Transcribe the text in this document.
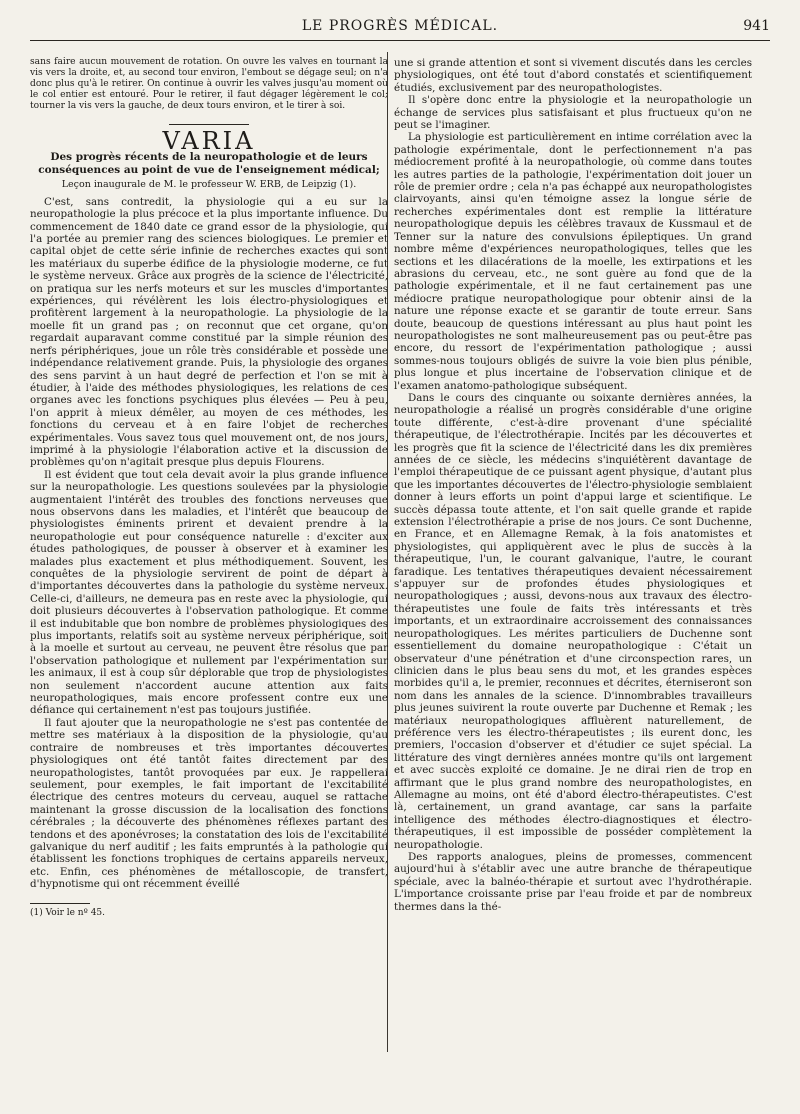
LE PROGRÈS MÉDICAL.	941

sans faire aucun mouvement de rotation. On ouvre les valves en tournant la vis vers la droite, et, au second tour environ, l'embout se dégage seul; on n'a donc plus qu'à le retirer. On continue à ouvrir les valves jusqu'au moment où le col entier est entouré. Pour le retirer, il faut dégager légèrement le col; tourner la vis vers la gauche, de deux tours environ, et le tirer à soi.

VARIA
Des progrès récents de la neuropathologie et de leurs conséquences au point de vue de l'enseignement médical;
Leçon inaugurale de M. le professeur W. ERB, de Leipzig (1).

C'est, sans contredit, la physiologie qui a eu sur la neuropathologie la plus précoce et la plus importante influence. Du commencement de 1840 date ce grand essor de la physiologie, qui l'a portée au premier rang des sciences biologiques. Le premier et capital objet de cette série infinie de recherches exactes qui sont les matériaux du superbe édifice de la physiologie moderne, ce fut le système nerveux. Grâce aux progrès de la science de l'électricité, on pratiqua sur les nerfs moteurs et sur les muscles d'importantes expériences, qui révélèrent les lois électro-physiologiques et profitèrent largement à la neuropathologie. La physiologie de la moelle fit un grand pas ; on reconnut que cet organe, qu'on regardait auparavant comme constitué par la simple réunion des nerfs périphériques, joue un rôle très considérable et possède une indépendance relativement grande. Puis, la physiologie des organes des sens parvint à un haut degré de perfection et l'on se mit à étudier, à l'aide des méthodes physiologiques, les relations de ces organes avec les fonctions psychiques plus élevées — Peu à peu, l'on apprit à mieux démêler, au moyen de ces méthodes, les fonctions du cerveau et à en faire l'objet de recherches expérimentales. Vous savez tous quel mouvement ont, de nos jours, imprimé à la physiologie l'élaboration active et la discussion de problèmes qu'on n'agitait presque plus depuis Flourens.

Il est évident que tout cela devait avoir la plus grande influence sur la neuropathologie. Les questions soulevées par la physiologie augmentaient l'intérêt des troubles des fonctions nerveuses que nous observons dans les maladies, et l'intérêt que beaucoup de physiologistes éminents prirent et devaient prendre à la neuropathologie eut pour conséquence naturelle : d'exciter aux études pathologiques, de pousser à observer et à examiner les malades plus exactement et plus méthodiquement. Souvent, les conquêtes de la physiologie servirent de point de départ à d'importantes découvertes dans la pathologie du système nerveux. Celle-ci, d'ailleurs, ne demeura pas en reste avec la physiologie, qui doit plusieurs découvertes à l'observation pathologique. Et comme il est indubitable que bon nombre de problèmes physiologiques des plus importants, relatifs soit au système nerveux périphérique, soit à la moelle et surtout au cerveau, ne peuvent être résolus que par l'observation pathologique et nullement par l'expérimentation sur les animaux, il est à coup sûr déplorable que trop de physiologistes non seulement n'accordent aucune attention aux faits neuropathologiques, mais encore professent contre eux une défiance qui certainement n'est pas toujours justifiée.

Il faut ajouter que la neuropathologie ne s'est pas contentée de mettre ses matériaux à la disposition de la physiologie, qu'au contraire de nombreuses et très importantes découvertes physiologiques ont été tantôt faites directement par des neuropathologistes, tantôt provoquées par eux. Je rappellerai seulement, pour exemples, le fait important de l'excitabilité électrique des centres moteurs du cerveau, auquel se rattache maintenant la grosse discussion de la localisation des fonctions cérébrales ; la découverte des phénomènes réflexes partant des tendons et des aponévroses; la constatation des lois de l'excitabilité galvanique du nerf auditif ; les faits empruntés à la pathologie qui établissent les fonctions trophiques de certains appareils nerveux, etc. Enfin, ces phénomènes de métalloscopie, de transfert, d'hypnotisme qui ont récemment éveillé

(1) Voir le nº 45.

une si grande attention et sont si vivement discutés dans les cercles physiologiques, ont été tout d'abord constatés et scientifiquement étudiés, exclusivement par des neuropathologistes.

Il s'opère donc entre la physiologie et la neuropathologie un échange de services plus satisfaisant et plus fructueux qu'on ne peut se l'imaginer.

La physiologie est particulièrement en intime corrélation avec la pathologie expérimentale, dont le perfectionnement n'a pas médiocrement profité à la neuropathologie, où comme dans toutes les autres parties de la pathologie, l'expérimentation doit jouer un rôle de premier ordre ; cela n'a pas échappé aux neuropathologistes clairvoyants, ainsi qu'en témoigne assez la longue série de recherches expérimentales dont est remplie la littérature neuropathologique depuis les célèbres travaux de Kussmaul et de Tenner sur la nature des convulsions épileptiques. Un grand nombre même d'expériences neuropathologiques, telles que les sections et les dilacérations de la moelle, les extirpations et les abrasions du cerveau, etc., ne sont guère au fond que de la pathologie expérimentale, et il ne faut certainement pas une médiocre pratique neuropathologique pour obtenir ainsi de la nature une réponse exacte et se garantir de toute erreur. Sans doute, beaucoup de questions intéressant au plus haut point les neuropathologistes ne sont malheureusement pas ou peut-être pas encore, du ressort de l'expérimentation pathologique ; aussi sommes-nous toujours obligés de suivre la voie bien plus pénible, plus longue et plus incertaine de l'observation clinique et de l'examen anatomo-pathologique subséquent.

Dans le cours des cinquante ou soixante dernières années, la neuropathologie a réalisé un progrès considérable d'une origine toute différente, c'est-à-dire provenant d'une spécialité thérapeutique, de l'électrothérapie. Incités par les découvertes et les progrès que fit la science de l'électricité dans les dix premières années de ce siècle, les médecins s'inquiétèrent davantage de l'emploi thérapeutique de ce puissant agent physique, d'autant plus que les importantes découvertes de l'électro-physiologie semblaient donner à leurs efforts un point d'appui large et scientifique. Le succès dépassa toute attente, et l'on sait quelle grande et rapide extension l'électrothérapie a prise de nos jours. Ce sont Duchenne, en France, et en Allemagne Remak, à la fois anatomistes et physiologistes, qui appliquèrent avec le plus de succès à la thérapeutique, l'un, le courant galvanique, l'autre, le courant faradique. Les tentatives thérapeutiques devaient nécessairement s'appuyer sur de profondes études physiologiques et neuropathologiques ; aussi, devons-nous aux travaux des électro-thérapeutistes une foule de faits très intéressants et très importants, et un extraordinaire accroissement des connaissances neuropathologiques. Les mérites particuliers de Duchenne sont essentiellement du domaine neuropathologique : C'était un observateur d'une pénétration et d'une circonspection rares, un clinicien dans le plus beau sens du mot, et les grandes espèces morbides qu'il a, le premier, reconnues et décrites, éterniseront son nom dans les annales de la science. D'innombrables travailleurs plus jeunes suivirent la route ouverte par Duchenne et Remak ; les matériaux neuropathologiques affluèrent naturellement, de préférence vers les électro-thérapeutistes ; ils eurent donc, les premiers, l'occasion d'observer et d'étudier ce sujet spécial. La littérature des vingt dernières années montre qu'ils ont largement et avec succès exploité ce domaine. Je ne dirai rien de trop en affirmant que le plus grand nombre des neuropathologistes, en Allemagne au moins, ont été d'abord électro-thérapeutistes. C'est là, certainement, un grand avantage, car sans la parfaite intelligence des méthodes électro-diagnostiques et électro-thérapeutiques, il est impossible de posséder complètement la neuropathologie.

Des rapports analogues, pleins de promesses, commencent aujourd'hui à s'établir avec une autre branche de thérapeutique spéciale, avec la balnéo-thérapie et surtout avec l'hydrothérapie. L'importance croissante prise par l'eau froide et par de nombreux thermes dans la thé-
